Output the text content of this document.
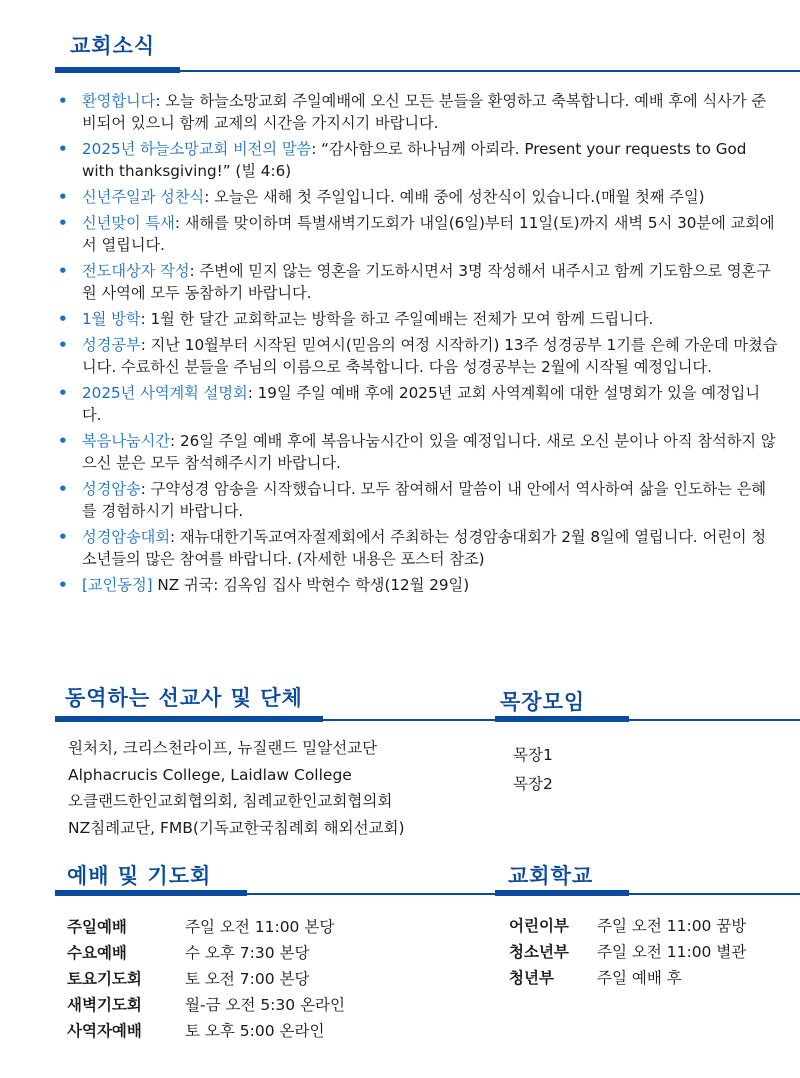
교회소식
• 환영합니다: 오늘 하늘소망교회 주일예배에 오신 모든 분들을 환영하고 축복합니다. 예배 후에 식사가 준비되어 있으니 함께 교제의 시간을 가지시기 바랍니다.
• 2025년 하늘소망교회 비전의 말씀: “감사함으로 하나님께 아뢰라. Present your requests to God with thanksgiving!” (빌 4:6)
• 신년주일과 성찬식: 오늘은 새해 첫 주일입니다. 예배 중에 성찬식이 있습니다.(매월 첫째 주일)
• 신년맞이 특새: 새해를 맞이하며 특별새벽기도회가 내일(6일)부터 11일(토)까지 새벽 5시 30분에 교회에서 열립니다.
• 전도대상자 작성: 주변에 믿지 않는 영혼을 기도하시면서 3명 작성해서 내주시고 함께 기도함으로 영혼구원 사역에 모두 동참하기 바랍니다.
• 1월 방학: 1월 한 달간 교회학교는 방학을 하고 주일예배는 전체가 모여 함께 드립니다.
• 성경공부: 지난 10월부터 시작된 믿여시(믿음의 여정 시작하기) 13주 성경공부 1기를 은혜 가운데 마쳤습니다. 수료하신 분들을 주님의 이름으로 축복합니다. 다음 성경공부는 2월에 시작될 예정입니다.
• 2025년 사역계획 설명회: 19일 주일 예배 후에 2025년 교회 사역계획에 대한 설명회가 있을 예정입니다.
• 복음나눔시간: 26일 주일 예배 후에 복음나눔시간이 있을 예정입니다. 새로 오신 분이나 아직 참석하지 않으신 분은 모두 참석해주시기 바랍니다.
• 성경암송: 구약성경 암송을 시작했습니다. 모두 참여해서 말씀이 내 안에서 역사하여 삶을 인도하는 은혜를 경험하시기 바랍니다.
• 성경암송대회: 재뉴대한기독교여자절제회에서 주최하는 성경암송대회가 2월 8일에 열립니다. 어린이 청소년들의 많은 참여를 바랍니다. (자세한 내용은 포스터 참조)
• [교인동정] NZ 귀국: 김옥임 집사 박현수 학생(12월 29일)
동역하는 선교사 및 단체
원처치, 크리스천라이프, 뉴질랜드 밀알선교단
Alphacrucis College, Laidlaw College
오클랜드한인교회협의회, 침례교한인교회협의회
NZ침례교단, FMB(기독교한국침례회 해외선교회)
목장모임
목장1
목장2
예배 및 기도회
주일예배	주일 오전 11:00 본당
수요예배	수 오후 7:30 본당
토요기도회	토 오전 7:00 본당
새벽기도회	월-금 오전 5:30 온라인
사역자예배	토 오후 5:00 온라인
교회학교
어린이부	주일 오전 11:00 꿈방
청소년부	주일 오전 11:00 별관
청년부	주일 예배 후
